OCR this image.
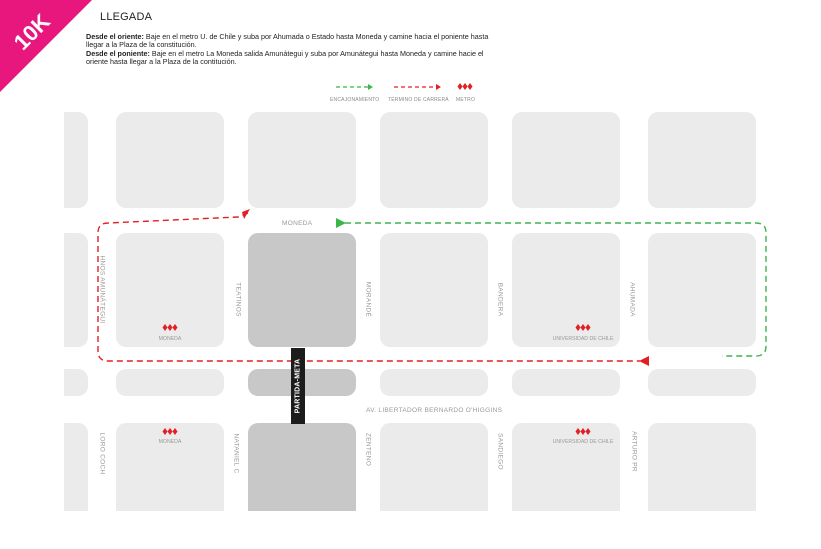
10K	LLEGADA

Desde el oriente: Baje en el metro U. de Chile y suba por Ahumada o Estado hasta Moneda y camine hacia el poniente hasta llegar a la Plaza de la constitución.

Desde el poniente: Baje en el metro La Moneda salida Amunátegui y suba por Amunátegui hasta Moneda y camine hacie el oriente hasta llegar a la Plaza de la contitución.

ENCAJONAMIENTO TÉRMINO DE CARRERA METRO
MONEDA	UNIVERSIDAD DE CHILE
MONEDA	UNIVERSIDAD DE CHILE
MONEDA
AV. LIBERTADOR BERNARDO O'HIGGINS
HNOS AMUNÁTEGUI	TEATINOS	MORANDÉ	BANDERA	AHUMADA
LORO COCH	NATANIEL C	ZENTENO	SANDIEGO	ARTURO PR
PARTIDA-META
